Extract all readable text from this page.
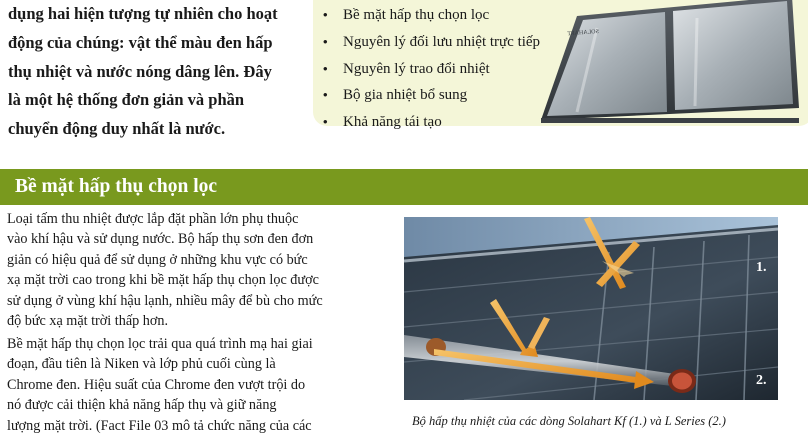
dụng hai hiện tượng tự nhiên cho hoạt
động của chúng: vật thể màu đen hấp
thụ nhiệt và nước nóng dâng lên. Đây
là một hệ thống đơn giản và phần
chuyển động duy nhất là nước.
•	Bề mặt hấp thụ chọn lọc
•	Nguyên lý đối lưu nhiệt trực tiếp
•	Nguyên lý trao đổi nhiệt
•	Bộ gia nhiệt bổ sung
•	Khả năng tái tạo
SOLAHART
Bề mặt hấp thụ chọn lọc
Loại tấm thu nhiệt được lắp đặt phần lớn phụ thuộc
vào khí hậu và sử dụng nước. Bộ hấp thụ sơn đen đơn
giản có hiệu quả để sử dụng ở những khu vực có bức
xạ mặt trời cao trong khi bề mặt hấp thụ chọn lọc được
sử dụng ở vùng khí hậu lạnh, nhiều mây để bù cho mức
độ bức xạ mặt trời thấp hơn.
Bề mặt hấp thụ chọn lọc trải qua quá trình mạ hai giai
đoạn, đầu tiên là Niken và lớp phủ cuối cùng là
Chrome đen. Hiệu suất của Chrome đen vượt trội do
nó được cải thiện khả năng hấp thụ và giữ năng
lượng mặt trời. (Fact File 03 mô tả chức năng của các
1.
2.
Bộ hấp thụ nhiệt của các dòng Solahart Kf (1.) và L Series (2.)
